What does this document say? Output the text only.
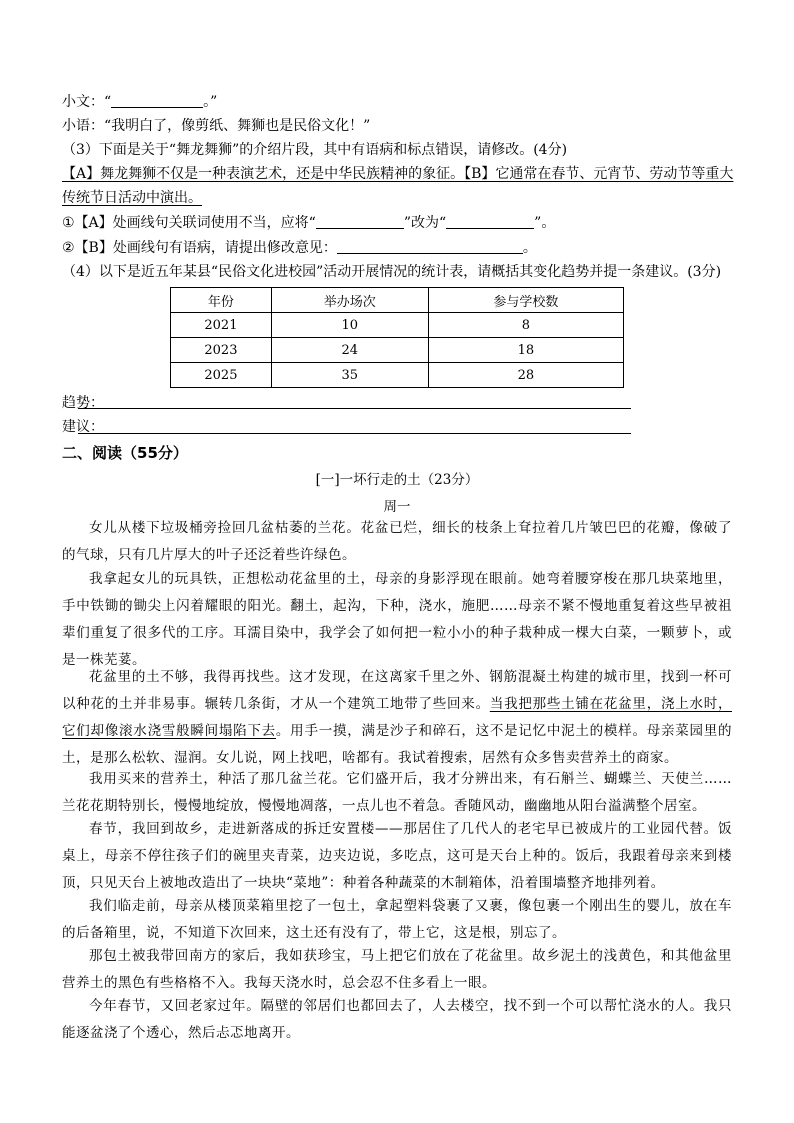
小文：“	。”
小语：“我明白了，像剪纸、舞狮也是民俗文化！”
（3）下面是关于“舞龙舞狮”的介绍片段，其中有语病和标点错误，请修改。(4分)
【A】舞龙舞狮不仅是一种表演艺术，还是中华民族精神的象征。【B】它通常在春节、元宵节、劳动节等重大
传统节日活动中演出。
①【A】处画线句关联词使用不当，应将“	”改为“	”。
②【B】处画线句有语病，请提出修改意见：	。
（4）以下是近五年某县“民俗文化进校园”活动开展情况的统计表，请概括其变化趋势并提一条建议。(3分)
年份	举办场次	参与学校数
2021	10	8
2023	24	18
2025	35	28
趋势：
建议：
二、阅读（55分）
[一]一坏行走的土（23分）
周一
女儿从楼下垃圾桶旁捡回几盆枯萎的兰花。花盆已烂，细长的枝条上耷拉着几片皱巴巴的花瓣，像破了的气球，只有几片厚大的叶子还泛着些许绿色。
我拿起女儿的玩具铁，正想松动花盆里的土，母亲的身影浮现在眼前。她弯着腰穿梭在那几块菜地里，手中铁锄的锄尖上闪着耀眼的阳光。翻土，起沟，下种，浇水，施肥……母亲不紧不慢地重复着这些早被祖辈们重复了很多代的工序。耳濡目染中，我学会了如何把一粒小小的种子栽种成一棵大白菜，一颗萝卜，或是一株芜荽。
花盆里的土不够，我得再找些。这才发现，在这离家千里之外、钢筋混凝土构建的城市里，找到一杯可以种花的土并非易事。辗转几条街，才从一个建筑工地带了些回来。当我把那些土铺在花盆里，浇上水时，它们却像滚水浇雪般瞬间塌陷下去。用手一摸，满是沙子和碎石，这不是记忆中泥土的模样。母亲菜园里的土，是那么松软、湿润。女儿说，网上找吧，啥都有。我试着搜索，居然有众多售卖营养土的商家。
我用买来的营养土，种活了那几盆兰花。它们盛开后，我才分辨出来，有石斛兰、蝴蝶兰、天使兰……兰花花期特别长，慢慢地绽放，慢慢地凋落，一点儿也不着急。香随风动，幽幽地从阳台溢满整个居室。
春节，我回到故乡，走进新落成的拆迁安置楼——那居住了几代人的老宅早已被成片的工业园代替。饭桌上，母亲不停往孩子们的碗里夹青菜，边夹边说，多吃点，这可是天台上种的。饭后，我跟着母亲来到楼顶，只见天台上被地改造出了一块块“菜地”：种着各种蔬菜的木制箱体，沿着围墙整齐地排列着。
我们临走前，母亲从楼顶菜箱里挖了一包土，拿起塑料袋裹了又裹，像包裹一个刚出生的婴儿，放在车的后备箱里，说，不知道下次回来，这土还有没有了，带上它，这是根，别忘了。
那包土被我带回南方的家后，我如获珍宝，马上把它们放在了花盆里。故乡泥土的浅黄色，和其他盆里营养土的黑色有些格格不入。我每天浇水时，总会忍不住多看上一眼。
今年春节，又回老家过年。隔壁的邻居们也都回去了，人去楼空，找不到一个可以帮忙浇水的人。我只能逐盆浇了个透心，然后忐忑地离开。
